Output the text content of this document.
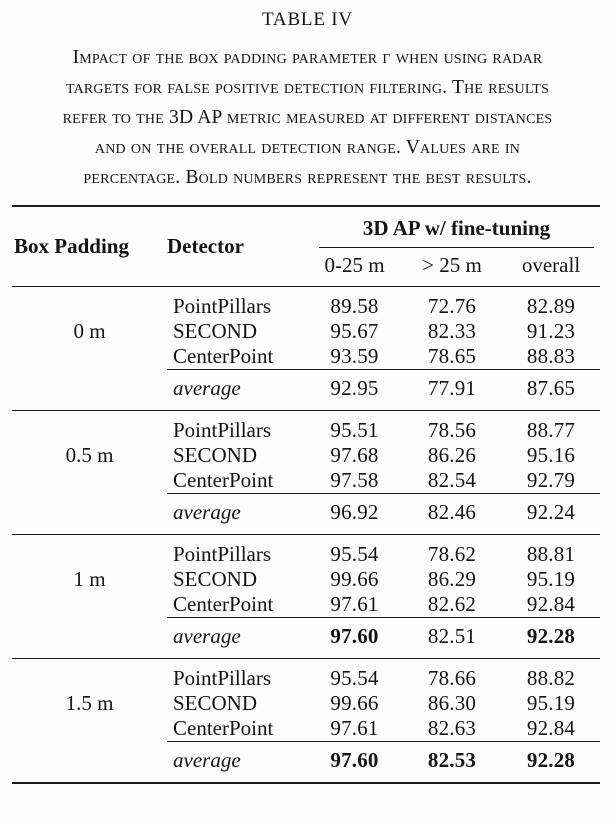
TABLE IV
Impact of the box padding parameter γ when using radar
targets for false positive detection filtering. The results
refer to the 3D AP metric measured at different distances
and on the overall detection range. Values are in
percentage. Bold numbers represent the best results.
Box Padding	Detector	3D AP w/ fine-tuning		

		0-25 m	> 25 m	overall
0 m	PointPillars	89.58	72.76	82.89
	SECOND	95.67	82.33	91.23
	CenterPoint	93.59	78.65	88.83
	average	92.95	77.91	87.65
0.5 m	PointPillars	95.51	78.56	88.77
	SECOND	97.68	86.26	95.16
	CenterPoint	97.58	82.54	92.79
	average	96.92	82.46	92.24
1 m	PointPillars	95.54	78.62	88.81
	SECOND	99.66	86.29	95.19
	CenterPoint	97.61	82.62	92.84
	average	97.60	82.51	92.28
1.5 m	PointPillars	95.54	78.66	88.82
	SECOND	99.66	86.30	95.19
	CenterPoint	97.61	82.63	92.84
	average	97.60	82.53	92.28
